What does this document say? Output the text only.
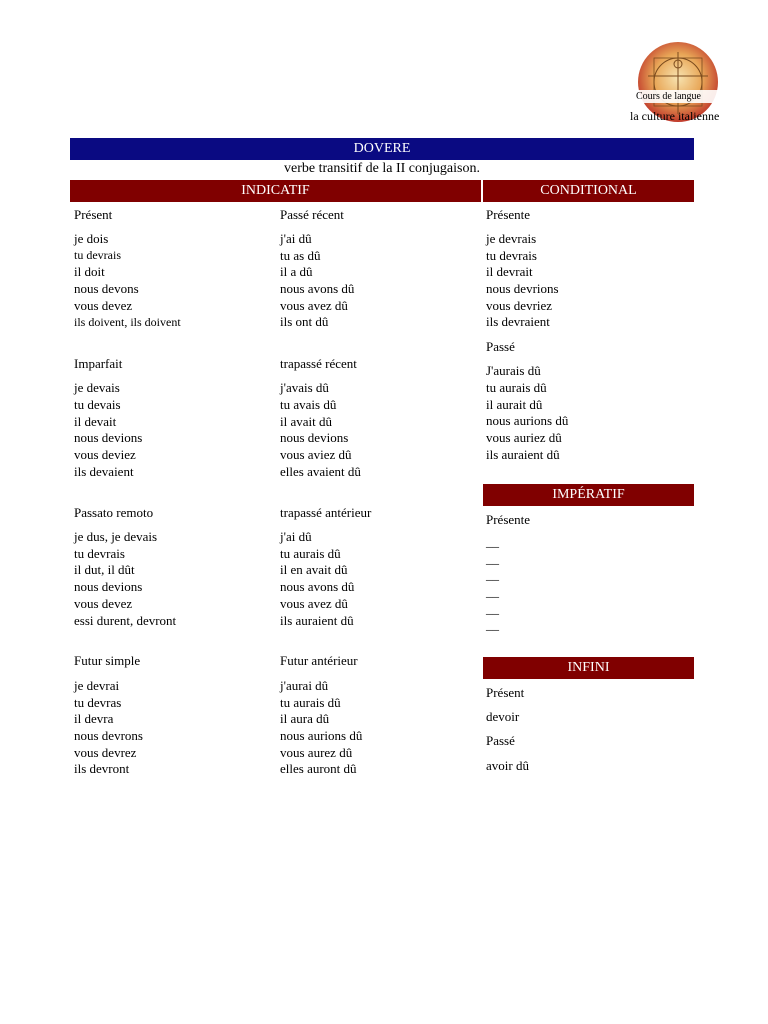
Cours de langue
la culture italienne
DOVERE
verbe transitif de la II conjugaison.
INDICATIF	CONDITIONAL
Présent
je dois
tu devrais
il doit
nous devons
vous devez
ils doivent, ils doivent
Imparfait
je devais
tu devais
il devait
nous devions
vous deviez
ils devaient
Passato remoto
je dus, je devais
tu devrais
il dut, il dût
nous devions
vous devez
essi durent, devront
Futur simple
je devrai
tu devras
il devra
nous devrons
vous devrez
ils devront
Passé récent
j'ai dû
tu as dû
il a dû
nous avons dû
vous avez dû
ils ont dû
trapassé récent
j'avais dû
tu avais dû
il avait dû
nous devions
vous aviez dû
elles avaient dû
trapassé antérieur
j'ai dû
tu aurais dû
il en avait dû
nous avons dû
vous avez dû
ils auraient dû
Futur antérieur
j'aurai dû
tu aurais dû
il aura dû
nous aurions dû
vous aurez dû
elles auront dû
Présente
je devrais
tu devrais
il devrait
nous devrions
vous devriez
ils devraient
Passé
J'aurais dû
tu aurais dû
il aurait dû
nous aurions dû
vous auriez dû
ils auraient dû
IMPÉRATIF
Présente
__
__
__
__
__
__
INFINI
Présent
devoir
Passé
avoir dû
